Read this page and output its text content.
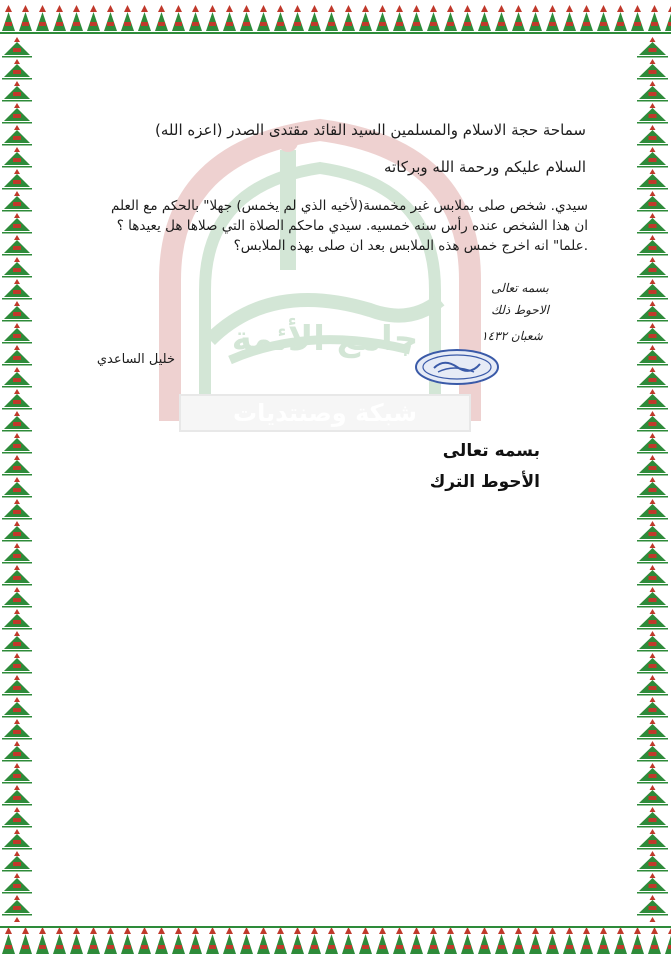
شبكة وصنتديات
جامع الأئمة
سماحة حجة الاسلام والمسلمين السيد القائد مقتدى الصدر (اعزه الله)
السلام عليكم ورحمة الله وبركاته
سيدي. شخص صلى بملابس غير مخمسة(لأخيه الذي لم يخمس) جهلا" بالحكم مع العلم ان هذا الشخص عنده رأس سنه خمسيه. سيدي ماحكم الصلاة التي صلاها هل يعيدها ؟ .علما" انه اخرج خمس هذه الملابس بعد ان صلى بهذه الملابس؟
خليل الساعدي
بسمه تعالى
الاحوط ذلك
شعبان ١٤٣٢
بسمه تعالى
الأحوط الترك
